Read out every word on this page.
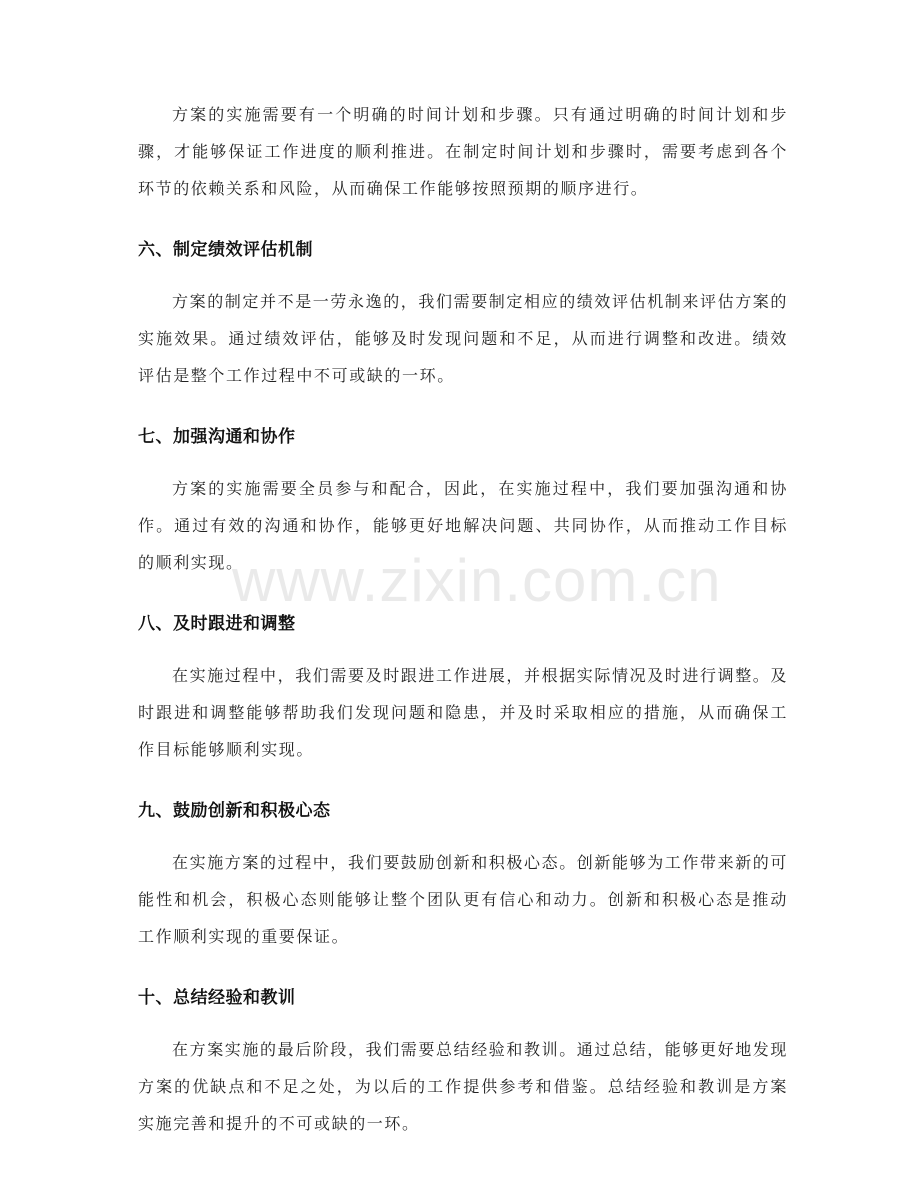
www.zixin.com.cn

方案的实施需要有一个明确的时间计划和步骤。只有通过明确的时间计划和步骤，才能够保证工作进度的顺利推进。在制定时间计划和步骤时，需要考虑到各个环节的依赖关系和风险，从而确保工作能够按照预期的顺序进行。

六、制定绩效评估机制

方案的制定并不是一劳永逸的，我们需要制定相应的绩效评估机制来评估方案的实施效果。通过绩效评估，能够及时发现问题和不足，从而进行调整和改进。绩效评估是整个工作过程中不可或缺的一环。

七、加强沟通和协作

方案的实施需要全员参与和配合，因此，在实施过程中，我们要加强沟通和协作。通过有效的沟通和协作，能够更好地解决问题、共同协作，从而推动工作目标的顺利实现。

八、及时跟进和调整

在实施过程中，我们需要及时跟进工作进展，并根据实际情况及时进行调整。及时跟进和调整能够帮助我们发现问题和隐患，并及时采取相应的措施，从而确保工作目标能够顺利实现。

九、鼓励创新和积极心态

在实施方案的过程中，我们要鼓励创新和积极心态。创新能够为工作带来新的可能性和机会，积极心态则能够让整个团队更有信心和动力。创新和积极心态是推动工作顺利实现的重要保证。

十、总结经验和教训

在方案实施的最后阶段，我们需要总结经验和教训。通过总结，能够更好地发现方案的优缺点和不足之处，为以后的工作提供参考和借鉴。总结经验和教训是方案实施完善和提升的不可或缺的一环。
